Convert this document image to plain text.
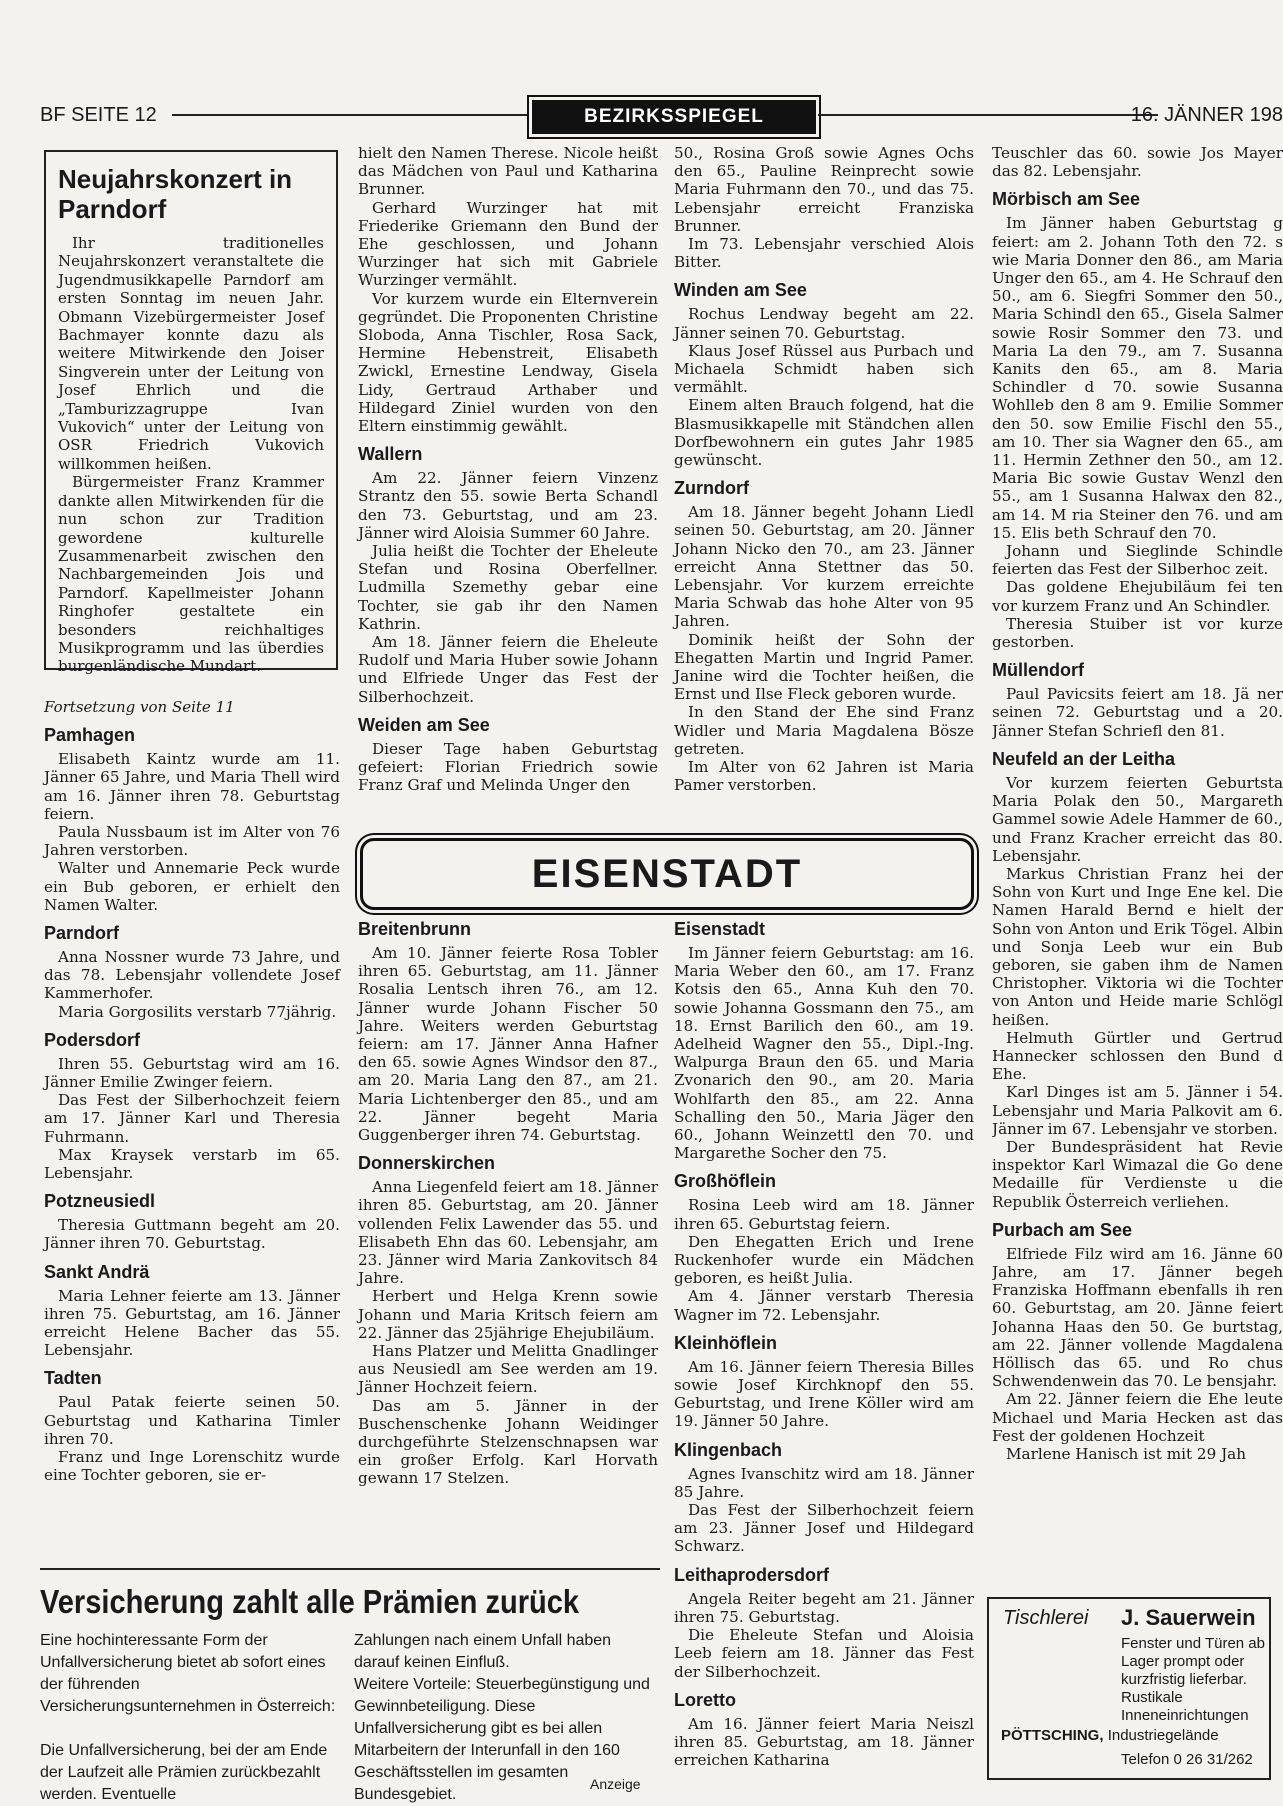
BF SEITE 12	BEZIRKSSPIEGEL	16. JÄNNER 198
Neujahrskonzert in Parndorf

Ihr traditionelles Neujahrskonzert veranstaltete die Jugendmusikkapelle Parndorf am ersten Sonntag im neuen Jahr. Obmann Vizebürgermeister Josef Bachmayer konnte dazu als weitere Mitwirkende den Joiser Singverein unter der Leitung von Josef Ehrlich und die „Tamburizzagruppe Ivan Vukovich“ unter der Leitung von OSR Friedrich Vukovich willkommen heißen.

Bürgermeister Franz Krammer dankte allen Mitwirkenden für die nun schon zur Tradition gewordene kulturelle Zusammenarbeit zwischen den Nachbargemeinden Jois und Parndorf. Kapellmeister Johann Ringhofer gestaltete ein besonders reichhaltiges Musikprogramm und las überdies burgenländische Mundart.

Fortsetzung von Seite 11
Pamhagen

Elisabeth Kaintz wurde am 11. Jänner 65 Jahre, und Maria Thell wird am 16. Jänner ihren 78. Geburtstag feiern.

Paula Nussbaum ist im Alter von 76 Jahren verstorben.

Walter und Annemarie Peck wurde ein Bub geboren, er erhielt den Namen Walter.

Parndorf

Anna Nossner wurde 73 Jahre, und das 78. Lebensjahr vollendete Josef Kammerhofer.

Maria Gorgosilits verstarb 77jährig.

Podersdorf

Ihren 55. Geburtstag wird am 16. Jänner Emilie Zwinger feiern.

Das Fest der Silberhochzeit feiern am 17. Jänner Karl und Theresia Fuhrmann.

Max Kraysek verstarb im 65. Lebensjahr.

Potzneusiedl

Theresia Guttmann begeht am 20. Jänner ihren 70. Geburtstag.

Sankt Andrä

Maria Lehner feierte am 13. Jänner ihren 75. Geburtstag, am 16. Jänner erreicht Helene Bacher das 55. Lebensjahr.

Tadten

Paul Patak feierte seinen 50. Geburtstag und Katharina Timler ihren 70.

Franz und Inge Lorenschitz wurde eine Tochter geboren, sie er-

hielt den Namen Therese. Nicole heißt das Mädchen von Paul und Katharina Brunner.

Gerhard Wurzinger hat mit Friederike Griemann den Bund der Ehe geschlossen, und Johann Wurzinger hat sich mit Gabriele Wurzinger vermählt.

Vor kurzem wurde ein Elternverein gegründet. Die Proponenten Christine Sloboda, Anna Tischler, Rosa Sack, Hermine Hebenstreit, Elisabeth Zwickl, Ernestine Lendway, Gisela Lidy, Gertraud Arthaber und Hildegard Ziniel wurden von den Eltern einstimmig gewählt.

Wallern

Am 22. Jänner feiern Vinzenz Strantz den 55. sowie Berta Schandl den 73. Geburtstag, und am 23. Jänner wird Aloisia Summer 60 Jahre.

Julia heißt die Tochter der Eheleute Stefan und Rosina Oberfellner. Ludmilla Szemethy gebar eine Tochter, sie gab ihr den Namen Kathrin.

Am 18. Jänner feiern die Eheleute Rudolf und Maria Huber sowie Johann und Elfriede Unger das Fest der Silberhochzeit.

Weiden am See

Dieser Tage haben Geburtstag gefeiert: Florian Friedrich sowie Franz Graf und Melinda Unger den

50., Rosina Groß sowie Agnes Ochs den 65., Pauline Reinprecht sowie Maria Fuhrmann den 70., und das 75. Lebensjahr erreicht Franziska Brunner.

Im 73. Lebensjahr verschied Alois Bitter.

Winden am See

Rochus Lendway begeht am 22. Jänner seinen 70. Geburtstag.

Klaus Josef Rüssel aus Purbach und Michaela Schmidt haben sich vermählt.

Einem alten Brauch folgend, hat die Blasmusikkapelle mit Ständchen allen Dorfbewohnern ein gutes Jahr 1985 gewünscht.

Zurndorf

Am 18. Jänner begeht Johann Liedl seinen 50. Geburtstag, am 20. Jänner Johann Nicko den 70., am 23. Jänner erreicht Anna Stettner das 50. Lebensjahr. Vor kurzem erreichte Maria Schwab das hohe Alter von 95 Jahren.

Dominik heißt der Sohn der Ehegatten Martin und Ingrid Pamer. Janine wird die Tochter heißen, die Ernst und Ilse Fleck geboren wurde.

In den Stand der Ehe sind Franz Widler und Maria Magdalena Bösze getreten.

Im Alter von 62 Jahren ist Maria Pamer verstorben.

Teuschler das 60. sowie Jos Mayer das 82. Lebensjahr.

Mörbisch am See

Im Jänner haben Geburtstag g feiert: am 2. Johann Toth den 72. s wie Maria Donner den 86., am Maria Unger den 65., am 4. He Schrauf den 50., am 6. Siegfri Sommer den 50., Maria Schindl den 65., Gisela Salmer sowie Rosir Sommer den 73. und Maria La den 79., am 7. Susanna Kanits den 65., am 8. Maria Schindler d 70. sowie Susanna Wohlleb den 8 am 9. Emilie Sommer den 50. sow Emilie Fischl den 55., am 10. Ther sia Wagner den 65., am 11. Hermin Zethner den 50., am 12. Maria Bic sowie Gustav Wenzl den 55., am 1 Susanna Halwax den 82., am 14. M ria Steiner den 76. und am 15. Elis beth Schrauf den 70.

Johann und Sieglinde Schindle feierten das Fest der Silberhoc zeit.

Das goldene Ehejubiläum fei ten vor kurzem Franz und An Schindler.

Theresia Stuiber ist vor kurze gestorben.

Müllendorf

Paul Pavicsits feiert am 18. Jä ner seinen 72. Geburtstag und a 20. Jänner Stefan Schriefl den 81.

Neufeld an der Leitha

Vor kurzem feierten Geburtsta Maria Polak den 50., Margareth Gammel sowie Adele Hammer de 60., und Franz Kracher erreicht das 80. Lebensjahr.

Markus Christian Franz hei der Sohn von Kurt und Inge Ene kel. Die Namen Harald Bernd e hielt der Sohn von Anton und Erik Tögel. Albin und Sonja Leeb wur ein Bub geboren, sie gaben ihm de Namen Christopher. Viktoria wi die Tochter von Anton und Heide marie Schlögl heißen.

Helmuth Gürtler und Gertrud Hannecker schlossen den Bund d Ehe.

Karl Dinges ist am 5. Jänner i 54. Lebensjahr und Maria Palkovit am 6. Jänner im 67. Lebensjahr ve storben.

Der Bundespräsident hat Revie inspektor Karl Wimazal die Go dene Medaille für Verdienste u die Republik Österreich verliehen.

Purbach am See

Elfriede Filz wird am 16. Jänne 60 Jahre, am 17. Jänner begeh Franziska Hoffmann ebenfalls ih ren 60. Geburtstag, am 20. Jänne feiert Johanna Haas den 50. Ge burtstag, am 22. Jänner vollende Magdalena Höllisch das 65. und Ro chus Schwendenwein das 70. Le bensjahr.

Am 22. Jänner feiern die Ehe leute Michael und Maria Hecken ast das Fest der goldenen Hochzeit

Marlene Hanisch ist mit 29 Jah

EISENSTADT
Breitenbrunn

Am 10. Jänner feierte Rosa Tobler ihren 65. Geburtstag, am 11. Jänner Rosalia Lentsch ihren 76., am 12. Jänner wurde Johann Fischer 50 Jahre. Weiters werden Geburtstag feiern: am 17. Jänner Anna Hafner den 65. sowie Agnes Windsor den 87., am 20. Maria Lang den 87., am 21. Maria Lichtenberger den 85., und am 22. Jänner begeht Maria Guggenberger ihren 74. Geburtstag.

Donnerskirchen

Anna Liegenfeld feiert am 18. Jänner ihren 85. Geburtstag, am 20. Jänner vollenden Felix Lawender das 55. und Elisabeth Ehn das 60. Lebensjahr, am 23. Jänner wird Maria Zankovitsch 84 Jahre.

Herbert und Helga Krenn sowie Johann und Maria Kritsch feiern am 22. Jänner das 25jährige Ehejubiläum.

Hans Platzer und Melitta Gnadlinger aus Neusiedl am See werden am 19. Jänner Hochzeit feiern.

Das am 5. Jänner in der Buschenschenke Johann Weidinger durchgeführte Stelzenschnapsen war ein großer Erfolg. Karl Horvath gewann 17 Stelzen.

Eisenstadt

Im Jänner feiern Geburtstag: am 16. Maria Weber den 60., am 17. Franz Kotsis den 65., Anna Kuh den 70. sowie Johanna Gossmann den 75., am 18. Ernst Barilich den 60., am 19. Adelheid Wagner den 55., Dipl.-Ing. Walpurga Braun den 65. und Maria Zvonarich den 90., am 20. Maria Wohlfarth den 85., am 22. Anna Schalling den 50., Maria Jäger den 60., Johann Weinzettl den 70. und Margarethe Socher den 75.

Großhöflein

Rosina Leeb wird am 18. Jänner ihren 65. Geburtstag feiern.

Den Ehegatten Erich und Irene Ruckenhofer wurde ein Mädchen geboren, es heißt Julia.

Am 4. Jänner verstarb Theresia Wagner im 72. Lebensjahr.

Kleinhöflein

Am 16. Jänner feiern Theresia Billes sowie Josef Kirchknopf den 55. Geburtstag, und Irene Köller wird am 19. Jänner 50 Jahre.

Klingenbach

Agnes Ivanschitz wird am 18. Jänner 85 Jahre.

Das Fest der Silberhochzeit feiern am 23. Jänner Josef und Hildegard Schwarz.

Leithaprodersdorf

Angela Reiter begeht am 21. Jänner ihren 75. Geburtstag.

Die Eheleute Stefan und Aloisia Leeb feiern am 18. Jänner das Fest der Silberhochzeit.

Loretto

Am 16. Jänner feiert Maria Neiszl ihren 85. Geburtstag, am 18. Jänner erreichen Katharina

Versicherung zahlt alle Prämien zurück

Eine hochinteressante Form der Unfallversicherung bietet ab sofort eines der führenden Versicherungsunternehmen in Österreich:

Die Unfallversicherung, bei der am Ende der Laufzeit alle Prämien zurückbezahlt werden. Eventuelle

Zahlungen nach einem Unfall haben darauf keinen Einfluß.

Weitere Vorteile: Steuerbegünstigung und Gewinnbeteiligung. Diese Unfallversicherung gibt es bei allen Mitarbeitern der Interunfall in den 160 Geschäftsstellen im gesamten Bundesgebiet.

Anzeige
Tischlerei J. Sauerwein
Fenster und Türen ab Lager prompt oder kurzfristig lieferbar. Rustikale Inneneinrichtungen
PÖTTSCHING, Industriegelände
Telefon 0 26 31/262
